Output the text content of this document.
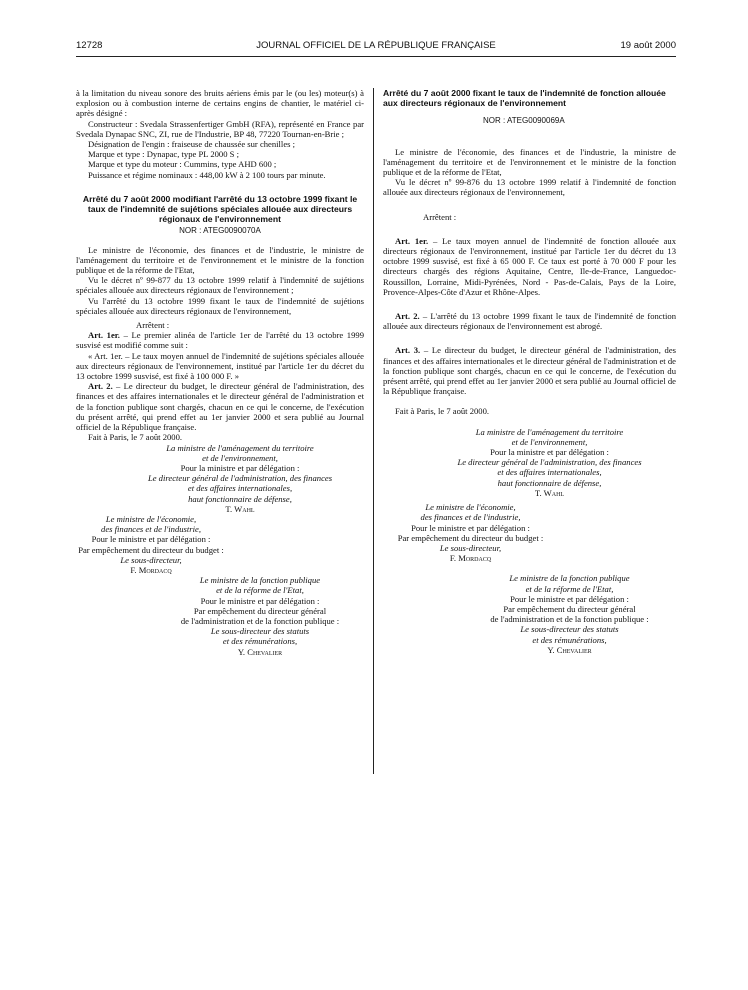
12728	JOURNAL OFFICIEL DE LA RÉPUBLIQUE FRANÇAISE	19 août 2000

à la limitation du niveau sonore des bruits aériens émis par le (ou les) moteur(s) à explosion ou à combustion interne de certains engins de chantier, le matériel ci-après désigné :

Constructeur : Svedala Strassenfertiger GmbH (RFA), représenté en France par Svedala Dynapac SNC, ZI, rue de l'Industrie, BP 48, 77220 Tournan-en-Brie ;

Désignation de l'engin : fraiseuse de chaussée sur chenilles ;

Marque et type : Dynapac, type PL 2000 S ;

Marque et type du moteur : Cummins, type AHD 600 ;

Puissance et régime nominaux : 448,00 kW à 2 100 tours par minute.

Arrêté du 7 août 2000 modifiant l'arrêté du 13 octobre 1999 fixant le taux de l'indemnité de sujétions spéciales allouée aux directeurs régionaux de l'environnement

NOR : ATEG0090070A

Le ministre de l'économie, des finances et de l'industrie, le ministre de l'aménagement du territoire et de l'environnement et le ministre de la fonction publique et de la réforme de l'Etat,

Vu le décret nº 99-877 du 13 octobre 1999 relatif à l'indemnité de sujétions spéciales allouée aux directeurs régionaux de l'environnement ;

Vu l'arrêté du 13 octobre 1999 fixant le taux de l'indemnité de sujétions spéciales allouée aux directeurs régionaux de l'environnement,

Arrêtent :

Art. 1er. – Le premier alinéa de l'article 1er de l'arrêté du 13 octobre 1999 susvisé est modifié comme suit :

« Art. 1er. – Le taux moyen annuel de l'indemnité de sujétions spéciales allouée aux directeurs régionaux de l'environnement, institué par l'article 1er du décret du 13 octobre 1999 susvisé, est fixé à 100 000 F. »

Art. 2. – Le directeur du budget, le directeur général de l'administration, des finances et des affaires internationales et le directeur général de l'administration et de la fonction publique sont chargés, chacun en ce qui le concerne, de l'exécution du présent arrêté, qui prend effet au 1er janvier 2000 et sera publié au Journal officiel de la République française.

Fait à Paris, le 7 août 2000.

La ministre de l'aménagement du territoire

et de l'environnement,

Pour la ministre et par délégation :

Le directeur général de l'administration, des finances

et des affaires internationales,

haut fonctionnaire de défense,

T. Wahl

Le ministre de l'économie,

des finances et de l'industrie,

Pour le ministre et par délégation :

Par empêchement du directeur du budget :

Le sous-directeur,

F. Mordacq

Le ministre de la fonction publique

et de la réforme de l'Etat,

Pour le ministre et par délégation :

Par empêchement du directeur général

de l'administration et de la fonction publique :

Le sous-directeur des statuts

et des rémunérations,

Y. Chevalier

Arrêté du 7 août 2000 fixant le taux de l'indemnité de fonction allouée aux directeurs régionaux de l'environnement

NOR : ATEG0090069A

Le ministre de l'économie, des finances et de l'industrie, la ministre de l'aménagement du territoire et de l'environnement et le ministre de la fonction publique et de la réforme de l'Etat,

Vu le décret nº 99-876 du 13 octobre 1999 relatif à l'indemnité de fonction allouée aux directeurs régionaux de l'environnement,

Arrêtent :

Art. 1er. – Le taux moyen annuel de l'indemnité de fonction allouée aux directeurs régionaux de l'environnement, institué par l'article 1er du décret du 13 octobre 1999 susvisé, est fixé à 65 000 F. Ce taux est porté à 70 000 F pour les directeurs chargés des régions Aquitaine, Centre, Ile-de-France, Languedoc-Roussillon, Lorraine, Midi-Pyrénées, Nord - Pas-de-Calais, Pays de la Loire, Provence-Alpes-Côte d'Azur et Rhône-Alpes.

Art. 2. – L'arrêté du 13 octobre 1999 fixant le taux de l'indemnité de fonction allouée aux directeurs régionaux de l'environnement est abrogé.

Art. 3. – Le directeur du budget, le directeur général de l'administration, des finances et des affaires internationales et le directeur général de l'administration et de la fonction publique sont chargés, chacun en ce qui le concerne, de l'exécution du présent arrêté, qui prend effet au 1er janvier 2000 et sera publié au Journal officiel de la République française.

Fait à Paris, le 7 août 2000.

La ministre de l'aménagement du territoire

et de l'environnement,

Pour la ministre et par délégation :

Le directeur général de l'administration, des finances

et des affaires internationales,

haut fonctionnaire de défense,

T. Wahl

Le ministre de l'économie,

des finances et de l'industrie,

Pour le ministre et par délégation :

Par empêchement du directeur du budget :

Le sous-directeur,

F. Mordacq

Le ministre de la fonction publique

et de la réforme de l'Etat,

Pour le ministre et par délégation :

Par empêchement du directeur général

de l'administration et de la fonction publique :

Le sous-directeur des statuts

et des rémunérations,

Y. Chevalier
